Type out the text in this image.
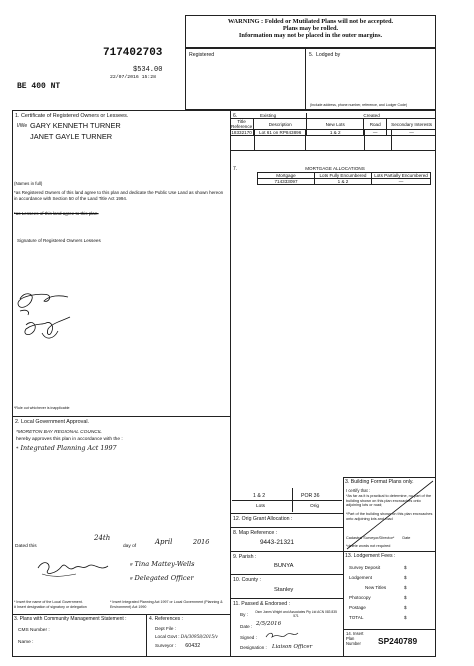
WARNING : Folded or Mutilated Plans will not be accepted.
Plans may be rolled.
Information may not be placed in the outer margins.
717402703
$534.00
22/07/2016 15:28
BE 400 NT
Registered	5. Lodged by
(Include address, phone number, reference, and Lodger Code)
1. Certificate of Registered Owners or Lessees.
I/We GARY KENNETH TURNER
JANET GAYLE TURNER
(Names in full)
*as Registered Owners of this land agree to this plan and dedicate the Public Use Land as shown hereon in accordance with Section 50 of the Land Title Act 1994.
*as Lessees of this land agree to this plan.
Signature of Registered Owners Lessees
*Rule out whichever is inapplicable
6.	Existing		Created		
Title Reference	Description	New Lots	Road	Secondary Interests
18332170	Lot 61 on RP843896	1 & 2	—	—
7.	MORTGAGE ALLOCATIONS
Mortgage	Lots Fully Encumbered	Lots Partially Encumbered
714333097	1 & 2	—
2. Local Government Approval.
*MORETON BAY REGIONAL COUNCIL
hereby approves this plan in accordance with the :
* Integrated Planning Act 1997
Dated this
24th
day of
April	2016
# Tina Mattey-Wells
# Delegated Officer
* Insert the name of the Local Government.
# Insert designation of signatory or delegation
* Insert Integrated Planning Act 1997 or Local Government (Planning & Environment) Act 1990
1 & 2	POR 36
Lots	Orig
12. Orig Grant Allocation :
8. Map Reference :
9443-21321
9. Parish :
BUNYA
10. County :
Stanley
11. Passed & Endorsed :
By :	Osm Jones Wright and Associates Pty Ltd ACN 083 835 571
Date : 2/5/2016
Signed :
Designation : Liaison Officer
3. Building Format Plans only.
I certify that :
*As far as it is practical to determine, no part of the building shown on this plan encroaches onto adjoining lots or road;
*Part of the building shown on this plan encroaches onto adjoining lots and road
Cadastral Surveyor/Director* Date
*delete words not required
13. Lodgement Fees :
Survey Deposit	$
Lodgement	$
New Titles	$
Photocopy	$
Postage	$
TOTAL	$
3. Plans with Community Management Statement :
CMS Number :
Name :
4. References :
Dept File :
Local Govt : DA/30958/2015/v
Surveyor : 60432
14. Insert Plan Number	SP240789
